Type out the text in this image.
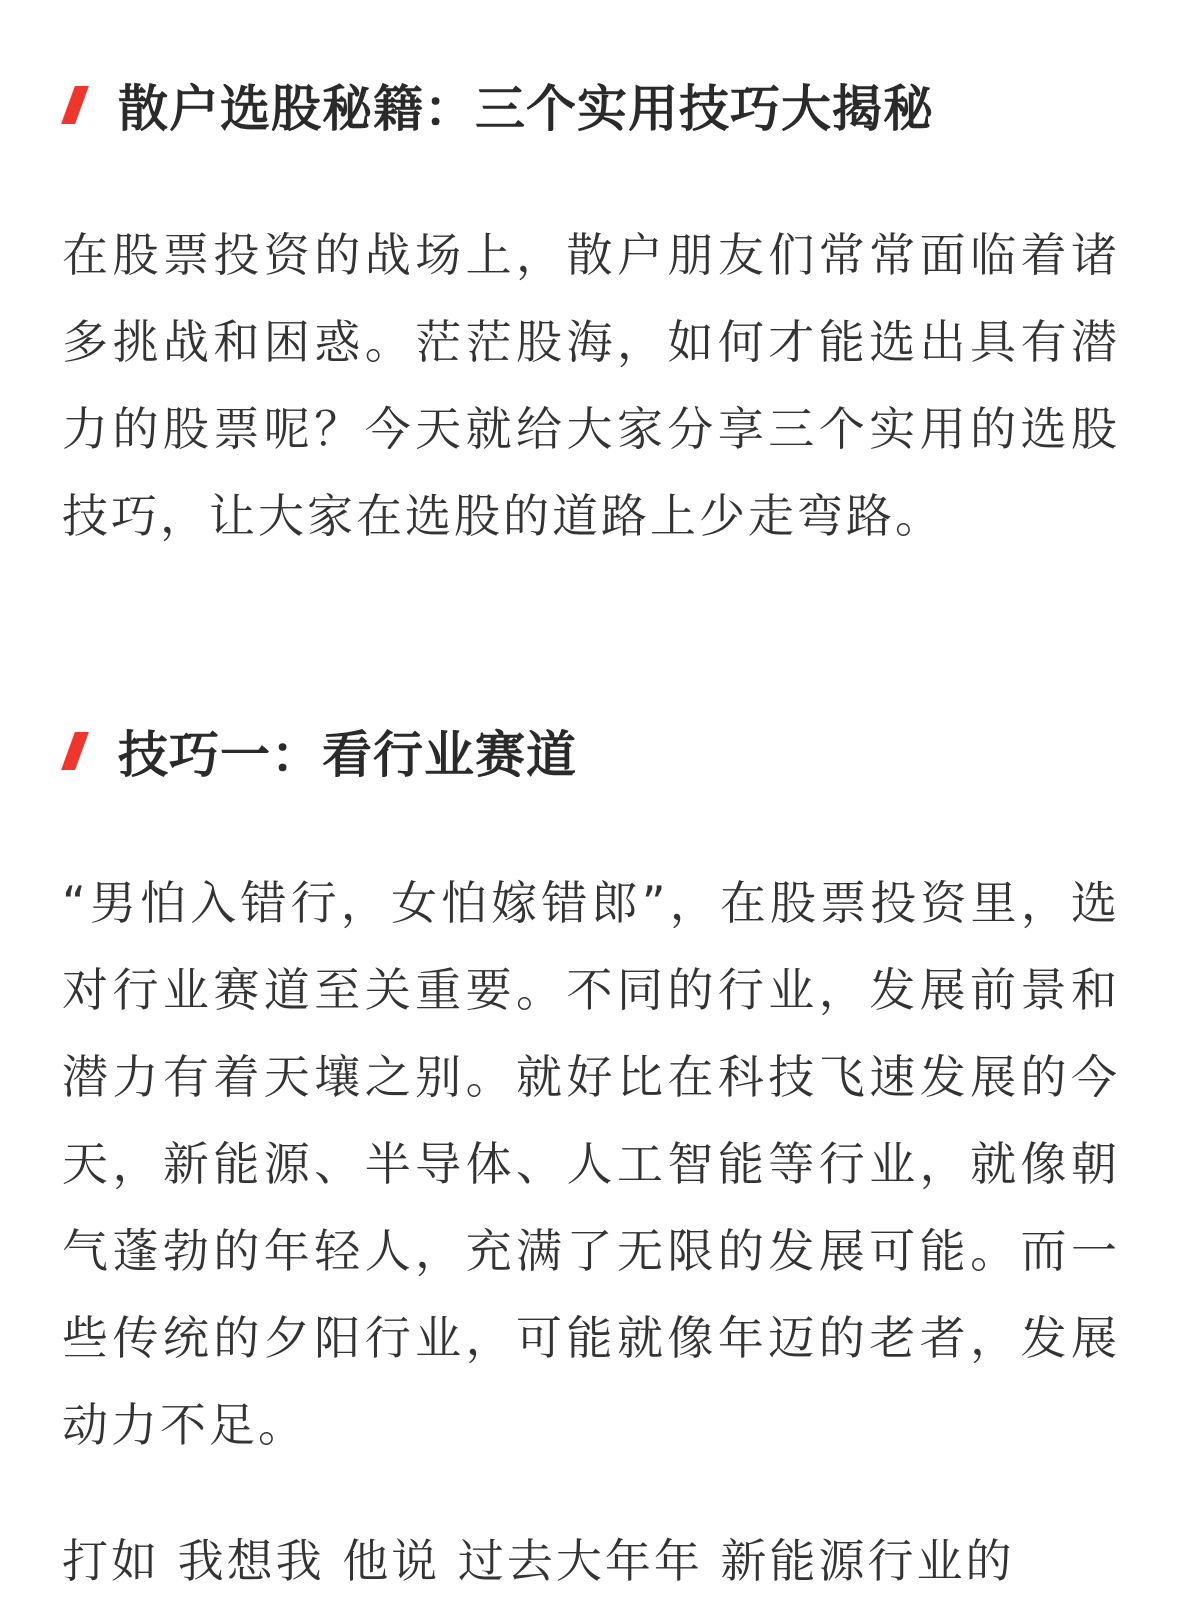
散户选股秘籍：三个实用技巧大揭秘

在股票投资的战场上，散户朋友们常常面临着诸多挑战和困惑。茫茫股海，如何才能选出具有潜力的股票呢？今天就给大家分享三个实用的选股技巧，让大家在选股的道路上少走弯路。

技巧一：看行业赛道

“男怕入错行，女怕嫁错郎”，在股票投资里，选对行业赛道至关重要。不同的行业，发展前景和潜力有着天壤之别。就好比在科技飞速发展的今天，新能源、半导体、人工智能等行业，就像朝气蓬勃的年轻人，充满了无限的发展可能。而一些传统的夕阳行业，可能就像年迈的老者，发展动力不足。

打如 我想我 他说 过去大年年 新能源行业的
